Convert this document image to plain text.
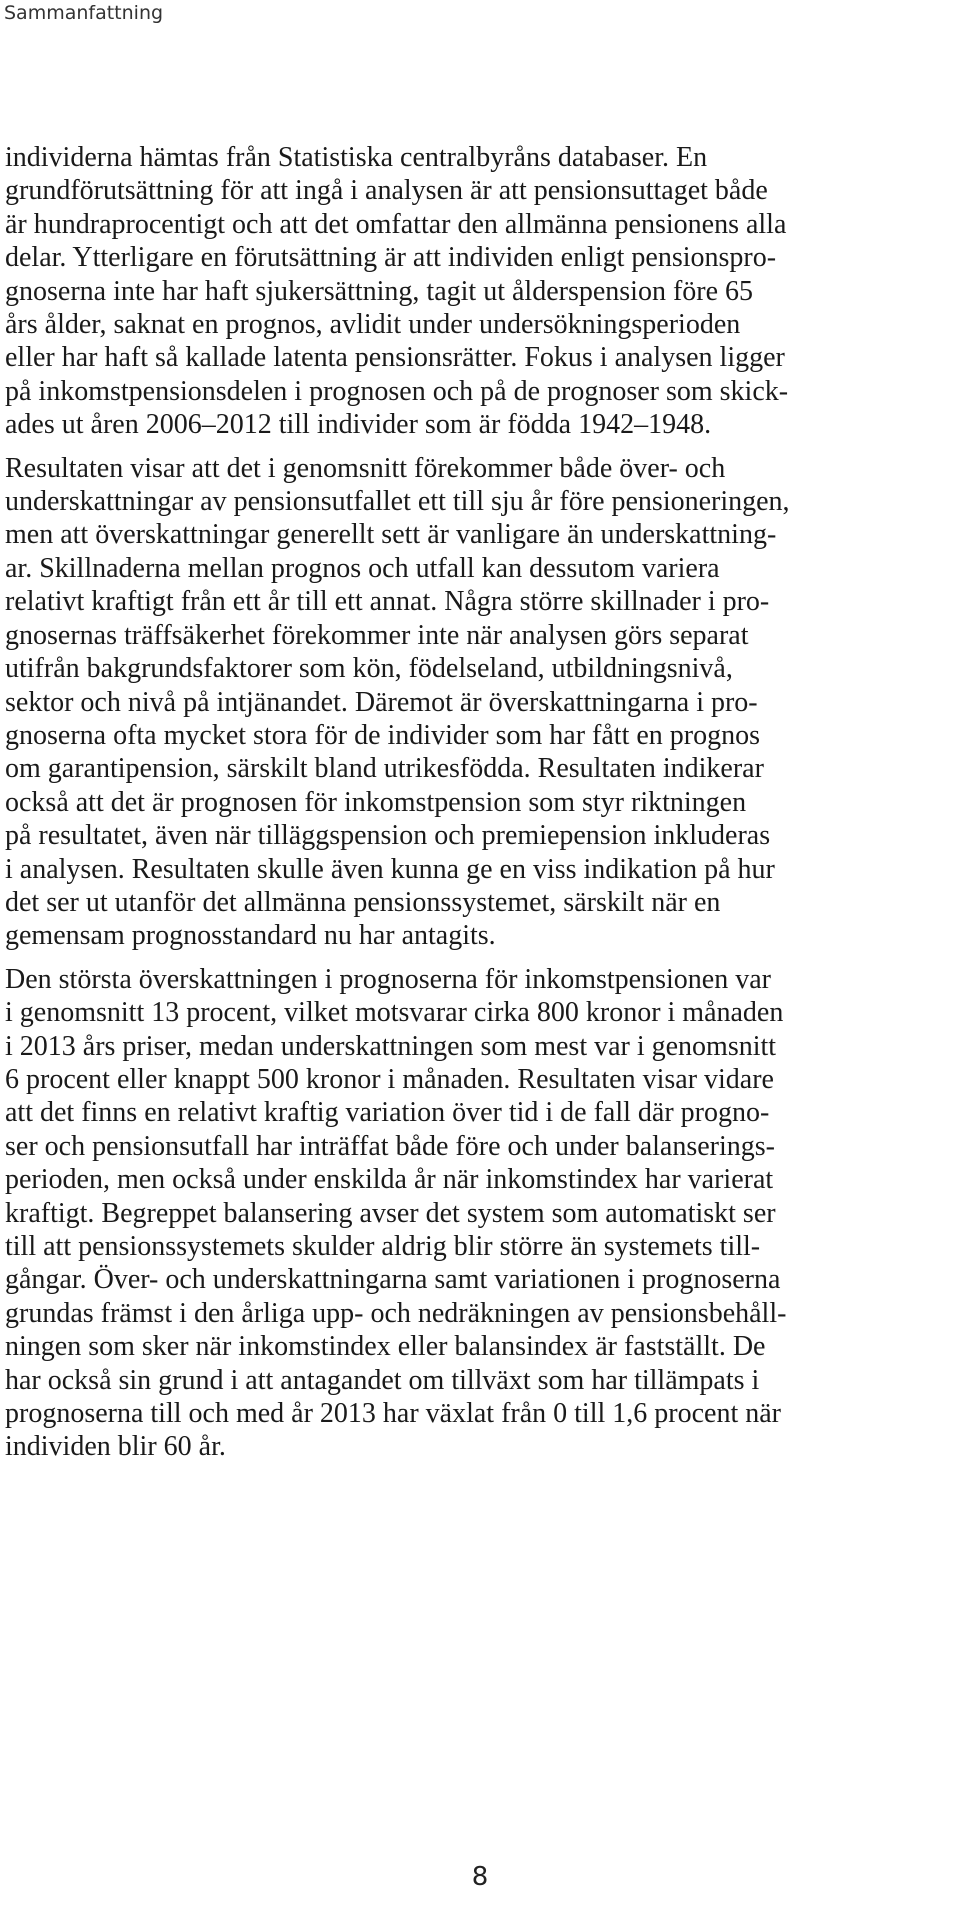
Sammanfattning

individerna hämtas från Statistiska centralbyråns databaser. En
grundförutsättning för att ingå i analysen är att pensionsuttaget både
är hundraprocentigt och att det omfattar den allmänna pensionens alla
delar. Ytterligare en förutsättning är att individen enligt pensionspro-
gnoserna inte har haft sjukersättning, tagit ut ålderspension före 65
års ålder, saknat en prognos, avlidit under undersökningsperioden
eller har haft så kallade latenta pensionsrätter. Fokus i analysen ligger
på inkomstpensionsdelen i prognosen och på de prognoser som skick-
ades ut åren 2006–2012 till individer som är födda 1942–1948.

Resultaten visar att det i genomsnitt förekommer både över- och
underskattningar av pensionsutfallet ett till sju år före pensioneringen,
men att överskattningar generellt sett är vanligare än underskattning-
ar. Skillnaderna mellan prognos och utfall kan dessutom variera
relativt kraftigt från ett år till ett annat. Några större skillnader i pro-
gnosernas träffsäkerhet förekommer inte när analysen görs separat
utifrån bakgrundsfaktorer som kön, födelseland, utbildningsnivå,
sektor och nivå på intjänandet. Däremot är överskattningarna i pro-
gnoserna ofta mycket stora för de individer som har fått en prognos
om garantipension, särskilt bland utrikesfödda. Resultaten indikerar
också att det är prognosen för inkomstpension som styr riktningen
på resultatet, även när tilläggspension och premiepension inkluderas
i analysen. Resultaten skulle även kunna ge en viss indikation på hur
det ser ut utanför det allmänna pensionssystemet, särskilt när en
gemensam prognosstandard nu har antagits.

Den största överskattningen i prognoserna för inkomstpensionen var
i genomsnitt 13 procent, vilket motsvarar cirka 800 kronor i månaden
i 2013 års priser, medan underskattningen som mest var i genomsnitt
6 procent eller knappt 500 kronor i månaden. Resultaten visar vidare
att det finns en relativt kraftig variation över tid i de fall där progno-
ser och pensionsutfall har inträffat både före och under balanserings-
perioden, men också under enskilda år när inkomstindex har varierat
kraftigt. Begreppet balansering avser det system som automatiskt ser
till att pensionssystemets skulder aldrig blir större än systemets till-
gångar. Över- och underskattningarna samt variationen i prognoserna
grundas främst i den årliga upp- och nedräkningen av pensionsbehåll-
ningen som sker när inkomstindex eller balansindex är fastställt. De
har också sin grund i att antagandet om tillväxt som har tillämpats i
prognoserna till och med år 2013 har växlat från 0 till 1,6 procent när
individen blir 60 år.

8
